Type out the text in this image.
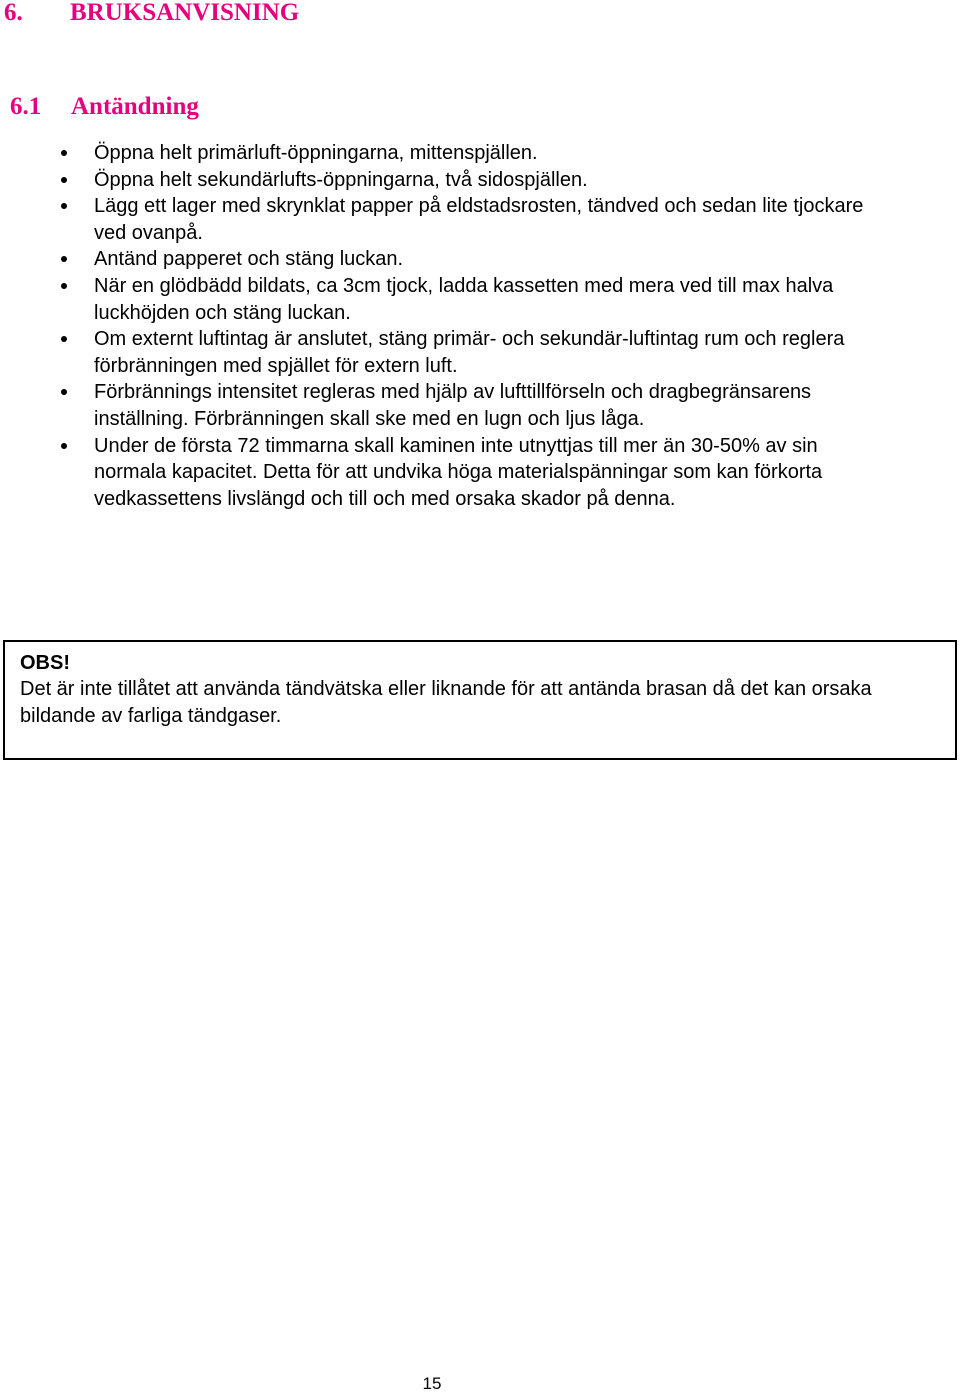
6. BRUKSANVISNING
6.1 Antändning
Öppna helt primärluft-öppningarna, mittenspjällen.
Öppna helt sekundärlufts-öppningarna, två sidospjällen.
Lägg ett lager med skrynklat papper på eldstadsrosten, tändved och sedan lite tjockare ved ovanpå.
Antänd papperet och stäng luckan.
När en glödbädd bildats, ca 3cm tjock, ladda kassetten med mera ved till max halva luckhöjden och stäng luckan.
Om externt luftintag är anslutet, stäng primär- och sekundär-luftintag rum och reglera förbränningen med spjället för extern luft.
Förbrännings intensitet regleras med hjälp av lufttillförseln och dragbegränsarens inställning. Förbränningen skall ske med en lugn och ljus låga.
Under de första 72 timmarna skall kaminen inte utnyttjas till mer än 30-50% av sin normala kapacitet. Detta för att undvika höga materialspänningar som kan förkorta vedkassettens livslängd och till och med orsaka skador på denna.
OBS!
Det är inte tillåtet att använda tändvätska eller liknande för att antända brasan då det kan orsaka bildande av farliga tändgaser.
15
